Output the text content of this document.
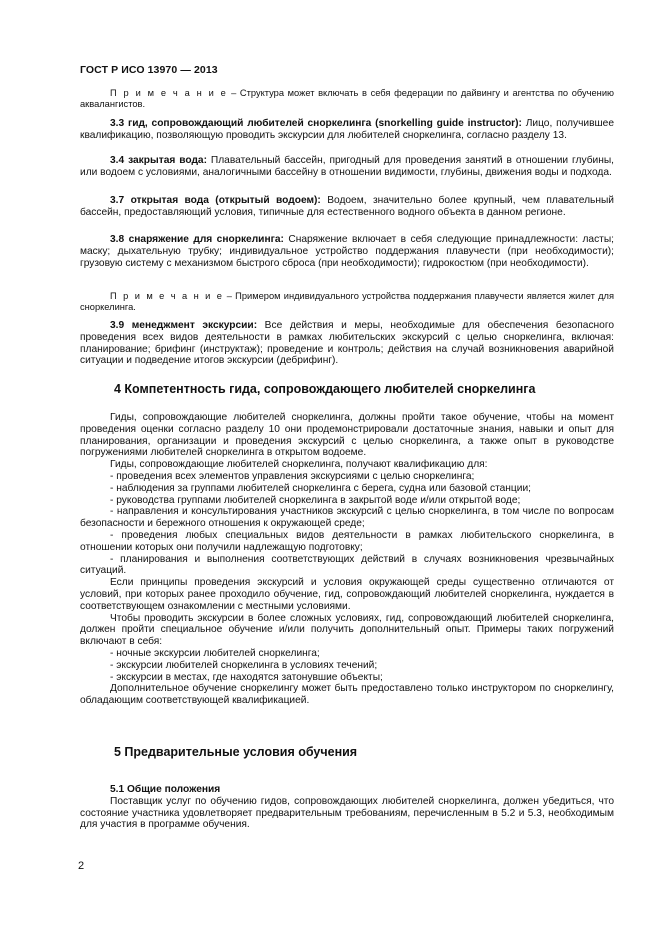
ГОСТ Р ИСО 13970 — 2013

П р и м е ч а н и е – Структура может включать в себя федерации по дайвингу и агентства по обучению аквалангистов.

3.3 гид, сопровождающий любителей сноркелинга (snorkelling guide instructor): Лицо, получившее квалификацию, позволяющую проводить экскурсии для любителей сноркелинга, согласно разделу 13.

3.4 закрытая вода: Плавательный бассейн, пригодный для проведения занятий в отношении глубины, или водоем с условиями, аналогичными бассейну в отношении видимости, глубины, движения воды и подхода.

3.7 открытая вода (открытый водоем): Водоем, значительно более крупный, чем плавательный бассейн, предоставляющий условия, типичные для естественного водного объекта в данном регионе.

3.8 снаряжение для сноркелинга: Снаряжение включает в себя следующие принадлежности: ласты; маску; дыхательную трубку; индивидуальное устройство поддержания плавучести (при необходимости); грузовую систему с механизмом быстрого сброса (при необходимости); гидрокостюм (при необходимости).

П р и м е ч а н и е – Примером индивидуального устройства поддержания плавучести является жилет для сноркелинга.

3.9 менеджмент экскурсии: Все действия и меры, необходимые для обеспечения безопасного проведения всех видов деятельности в рамках любительских экскурсий с целью сноркелинга, включая: планирование; брифинг (инструктаж); проведение и контроль; действия на случай возникновения аварийной ситуации и подведение итогов экскурсии (дебрифинг).

4 Компетентность гида, сопровождающего любителей сноркелинга

Гиды, сопровождающие любителей сноркелинга, должны пройти такое обучение, чтобы на момент проведения оценки согласно разделу 10 они продемонстрировали достаточные знания, навыки и опыт для планирования, организации и проведения экскурсий с целью сноркелинга, а также опыт в руководстве погружениями любителей сноркелинга в открытом водоеме.

Гиды, сопровождающие любителей сноркелинга, получают квалификацию для:

- проведения всех элементов управления экскурсиями с целью сноркелинга;

- наблюдения за группами любителей сноркелинга с берега, судна или базовой станции;

- руководства группами любителей сноркелинга в закрытой воде и/или открытой воде;

- направления и консультирования участников экскурсий с целью сноркелинга, в том числе по вопросам безопасности и бережного отношения к окружающей среде;

- проведения любых специальных видов деятельности в рамках любительского сноркелинга, в отношении которых они получили надлежащую подготовку;

- планирования и выполнения соответствующих действий в случаях возникновения чрезвычайных ситуаций.

Если принципы проведения экскурсий и условия окружающей среды существенно отличаются от условий, при которых ранее проходило обучение, гид, сопровождающий любителей сноркелинга, нуждается в соответствующем ознакомлении с местными условиями.

Чтобы проводить экскурсии в более сложных условиях, гид, сопровождающий любителей сноркелинга, должен пройти специальное обучение и/или получить дополнительный опыт. Примеры таких погружений включают в себя:

- ночные экскурсии любителей сноркелинга;

- экскурсии любителей сноркелинга в условиях течений;

- экскурсии в местах, где находятся затонувшие объекты;

Дополнительное обучение сноркелингу может быть предоставлено только инструктором по сноркелингу, обладающим соответствующей квалификацией.

5 Предварительные условия обучения

5.1 Общие положения

Поставщик услуг по обучению гидов, сопровождающих любителей сноркелинга, должен убедиться, что состояние участника удовлетворяет предварительным требованиям, перечисленным в 5.2 и 5.3, необходимым для участия в программе обучения.

2
